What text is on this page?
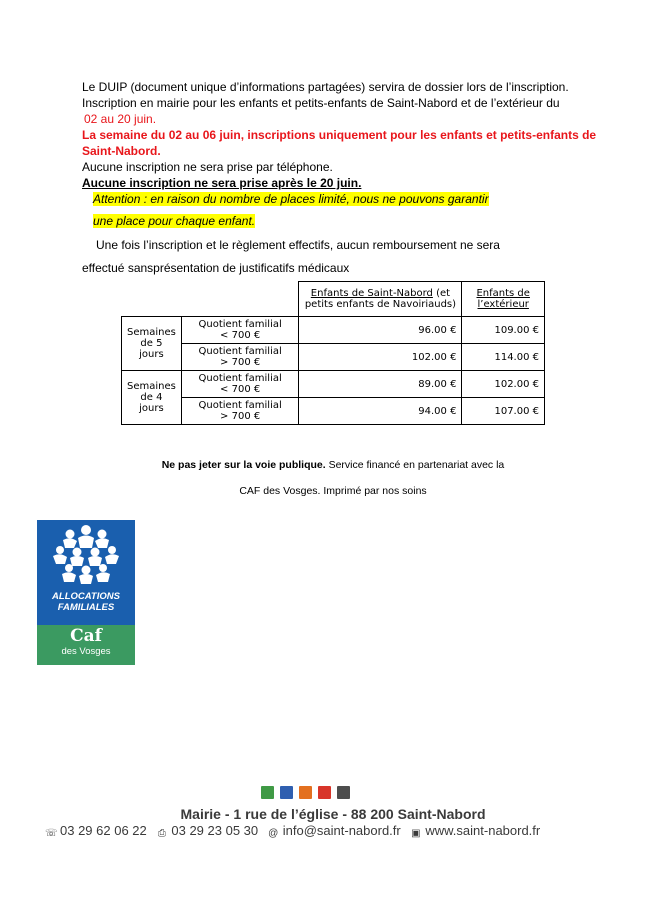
Le DUIP (document unique d’informations partagées) servira de dossier lors de l’inscription.
Inscription en mairie pour les enfants et petits-enfants de Saint-Nabord et de l’extérieur du
02 au 20 juin.
La semaine du 02 au 06 juin, inscriptions uniquement pour les enfants et petits-enfants de
Saint-Nabord.
Aucune inscription ne sera prise par téléphone.
Aucune inscription ne sera prise après le 20 juin.
Attention : en raison du nombre de places limité, nous ne pouvons garantir
une place pour chaque enfant.
Une fois l’inscription et le règlement effectifs, aucun remboursement ne sera
effectué sansprésentation de justificatifs médicaux
		Enfants de Saint-Nabord (et
petits enfants de Navoiriauds)	Enfants de
l’extérieur
Semaines
de 5 jours	Quotient familial
< 700 €	96.00 €	109.00 €
	Quotient familial
> 700 €	102.00 €	114.00 €
Semaines
de 4 jours	Quotient familial
< 700 €	89.00 €	102.00 €
	Quotient familial
> 700 €	94.00 €	107.00 €
Ne pas jeter sur la voie publique. Service financé en partenariat avec la
CAF des Vosges. Imprimé par nos soins
ALLOCATIONS
FAMILIALES
Caf
des Vosges
Mairie - 1 rue de l’église - 88 200 Saint-Nabord
☏ 03 29 62 06 22 ⎙ 03 29 23 05 30 @ info@saint-nabord.fr ▣ www.saint-nabord.fr
